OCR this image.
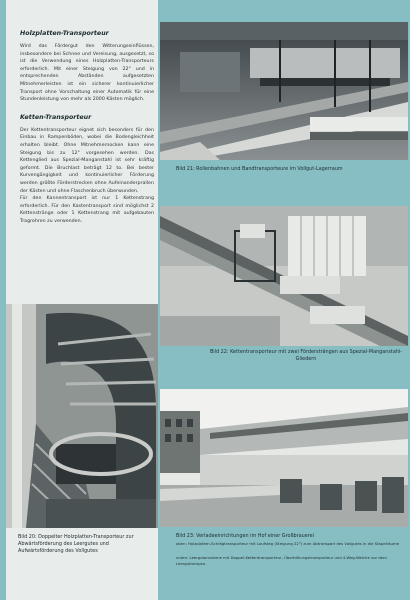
Holzplatten-Transporteur

Wird das Fördergut den Witterungseinflüssen, insbesondere bei Schnee und Vereisung, ausgesetzt, so ist die Verwendung eines Holzplatten-Transporteurs erforderlich. Mit einer Steigung von 22° und in entsprechenden Abständen aufgesetzten Mitnehmerleisten ist ein sicherer kontinuierlicher Transport ohne Vorschaltung einer Automatik für eine Stundenleistung von mehr als 2000 Kästen möglich.

Ketten-Transporteur

Der Kettentransporteur eignet sich besonders für den Einbau in Rampenböden, wobei die Bodengleichheit erhalten bleibt. Ohne Mitnehmernocken kann eine Steigung bis zu 12° vorgesehen werden. Das Kettenglied aus Spezial-Manganstahl ist sehr kräftig geformt. Die Bruchlast beträgt 12 to. Bei bester Kurvengängigkeit und kontinuierlicher Förderung werden größte Förderstrecken ohne Aufeinanderprallen der Kästen und ohne Flaschenbruch überwunden.

Für den Kannentransport ist nur 1 Kettenstrang erforderlich. Für den Kastentransport sind möglichst 2 Kettenstränge oder 1 Kettenstrang mit aufgebauten Tragrohren zu verwenden.

Bild 21: Rollenbahnen und Bandtransporteure im Vollgut-Lagerraum
Bild 22: Kettentransporteur mit zwei Fördersträngen aus Spezial-Manganstahl-Gliedern
Bild 20: Doppelter Holzplatten-Transporteur zur Abwärtsförderung des Leergutes und Aufwärtsförderung des Vollgutes
Bild 23: Verladeeinrichtungen im Hof einer Großbrauerei
oben: Holzplatten-Schrägtransporteur mit Laufsteg (Steigung 22°) zum Abtransport des Vollgutes in die Stapelräume
unten: Leergutannahme mit Doppel-Kettentransporteur, Überhöhungstransporteur und 4-Weg-Weiche vor dem Leergutrampen.
